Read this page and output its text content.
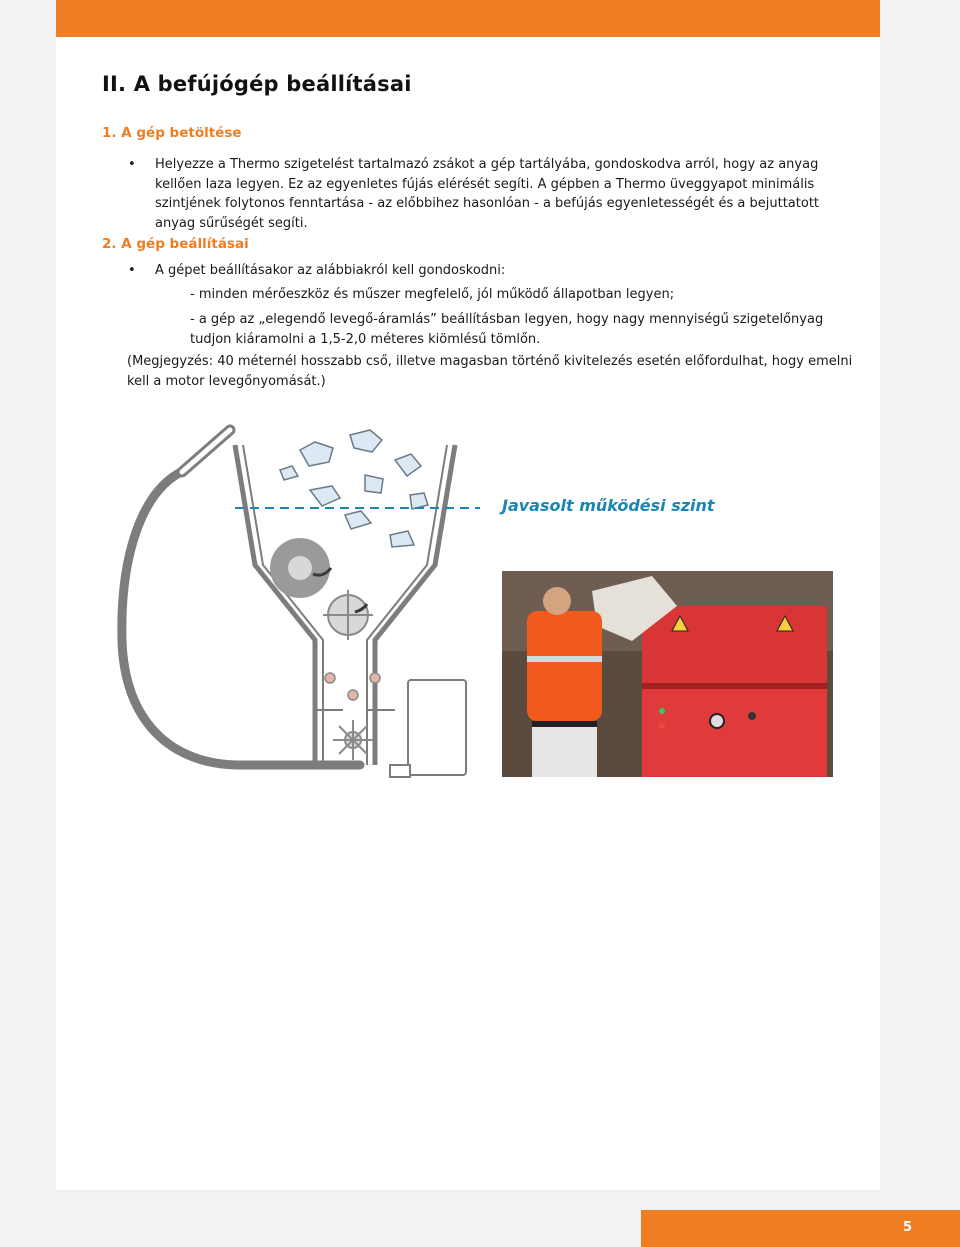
II. A befújógép beállításai
1. A gép betöltése
• Helyezze a Thermo szigetelést tartalmazó zsákot a gép tartályába, gondoskodva arról, hogy az anyag kellően laza legyen. Ez az egyenletes fújás elérését segíti. A gépben a Thermo üveggyapot minimális szintjének folytonos fenntartása - az előbbihez hasonlóan - a befújás egyenletességét és a bejuttatott anyag sűrűségét segíti.
2. A gép beállításai
• A gépet beállításakor az alábbiakról kell gondoskodni:
- minden mérőeszköz és műszer megfelelő, jól működő állapotban legyen;
- a gép az „elegendő levegő-áramlás” beállításban legyen, hogy nagy mennyiségű szigetelőnyag tudjon kiáramolni a 1,5-2,0 méteres kiömlésű tömlőn.
(Megjegyzés: 40 méternél hosszabb cső, illetve magasban történő kivitelezés esetén előfordulhat, hogy emelni kell a motor levegőnyomását.)
Javasolt működési szint
5
